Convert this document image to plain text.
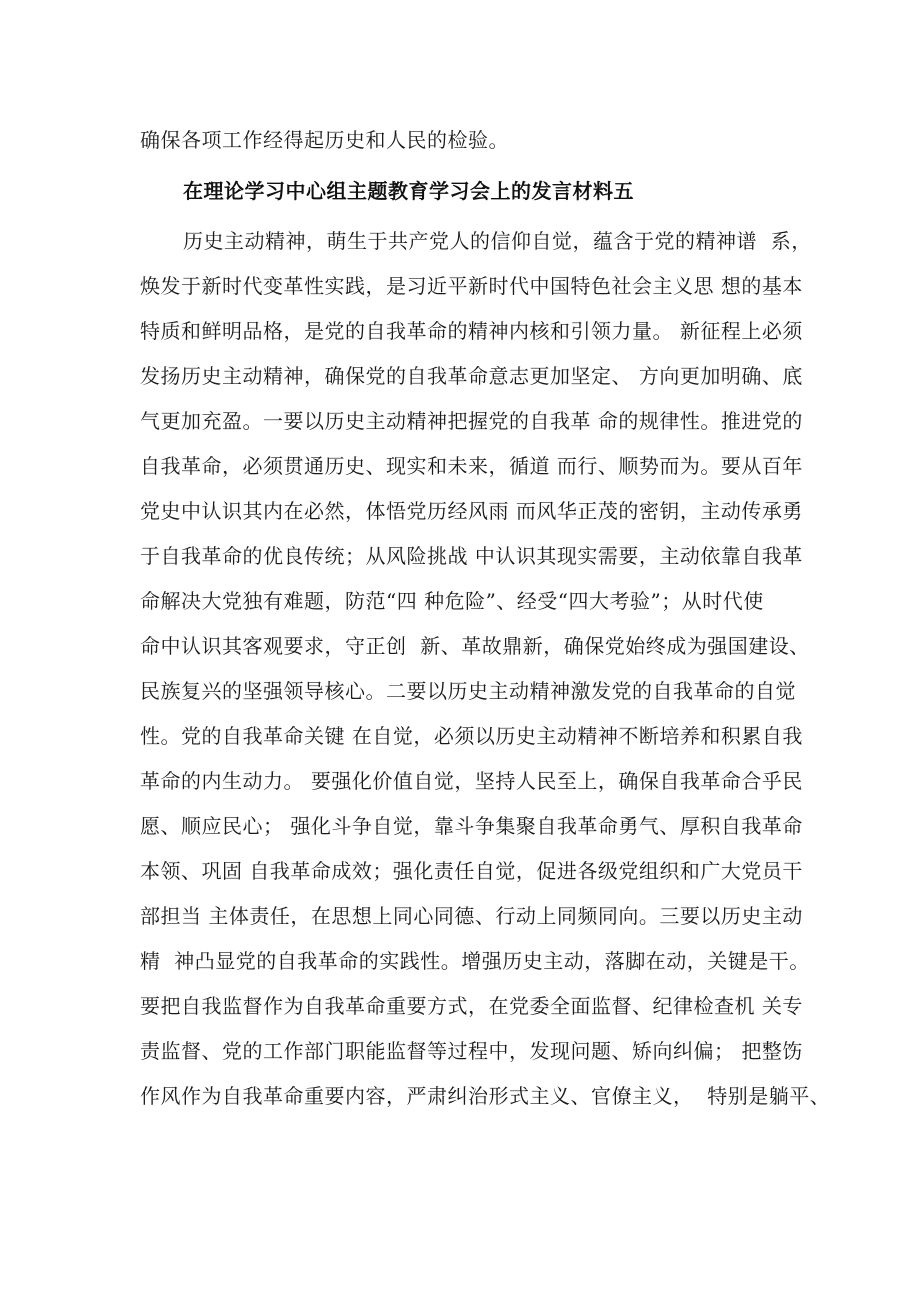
确保各项工作经得起历史和人民的检验。
在理论学习中心组主题教育学习会上的发言材料五
历史主动精神，萌生于共产党人的信仰自觉，蕴含于党的精神谱  系，
焕发于新时代变革性实践，是习近平新时代中国特色社会主义思 想的基本
特质和鲜明品格，是党的自我革命的精神内核和引领力量。 新征程上必须
发扬历史主动精神，确保党的自我革命意志更加坚定、 方向更加明确、底
气更加充盈。一要以历史主动精神把握党的自我革 命的规律性。推进党的
自我革命，必须贯通历史、现实和未来，循道 而行、顺势而为。要从百年
党史中认识其内在必然，体悟党历经风雨 而风华正茂的密钥，主动传承勇
于自我革命的优良传统；从风险挑战 中认识其现实需要，主动依靠自我革
命解决大党独有难题，防范“四 种危险”、经受“四大考验”；从时代使
命中认识其客观要求，守正创  新、革故鼎新，确保党始终成为强国建设、
民族复兴的坚强领导核心。二要以历史主动精神激发党的自我革命的自觉
性。党的自我革命关键 在自觉，必须以历史主动精神不断培养和积累自我
革命的内生动力。 要强化价值自觉，坚持人民至上，确保自我革命合乎民
愿、顺应民心； 强化斗争自觉，靠斗争集聚自我革命勇气、厚积自我革命
本领、巩固 自我革命成效；强化责任自觉，促进各级党组织和广大党员干
部担当 主体责任，在思想上同心同德、行动上同频同向。三要以历史主动
精  神凸显党的自我革命的实践性。增强历史主动，落脚在动，关键是干。
要把自我监督作为自我革命重要方式，在党委全面监督、纪律检查机 关专
责监督、党的工作部门职能监督等过程中，发现问题、矫向纠偏； 把整饬
作风作为自我革命重要内容，严肃纠治形式主义、官僚主义，  特别是躺平、
